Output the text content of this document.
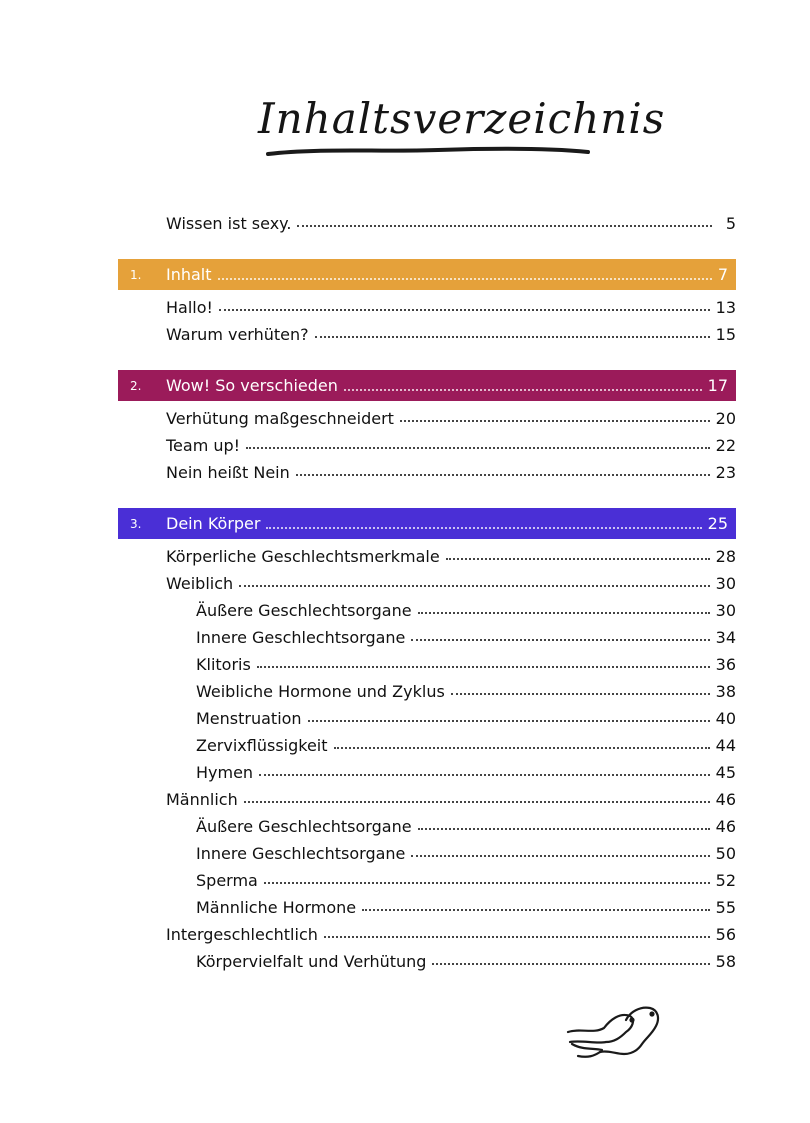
Inhaltsverzeichnis
Wissen ist sexy.	5
1.	Inhalt	7
Hallo!	13
Warum verhüten?	15
2.	Wow! So verschieden	17
Verhütung maßgeschneidert	20
Team up!	22
Nein heißt Nein	23
3.	Dein Körper	25
Körperliche Geschlechtsmerkmale	28
Weiblich	30
Äußere Geschlechtsorgane	30
Innere Geschlechtsorgane	34
Klitoris	36
Weibliche Hormone und Zyklus	38
Menstruation	40
Zervixflüssigkeit	44
Hymen	45
Männlich	46
Äußere Geschlechtsorgane	46
Innere Geschlechtsorgane	50
Sperma	52
Männliche Hormone	55
Intergeschlechtlich	56
Körpervielfalt und Verhütung	58
